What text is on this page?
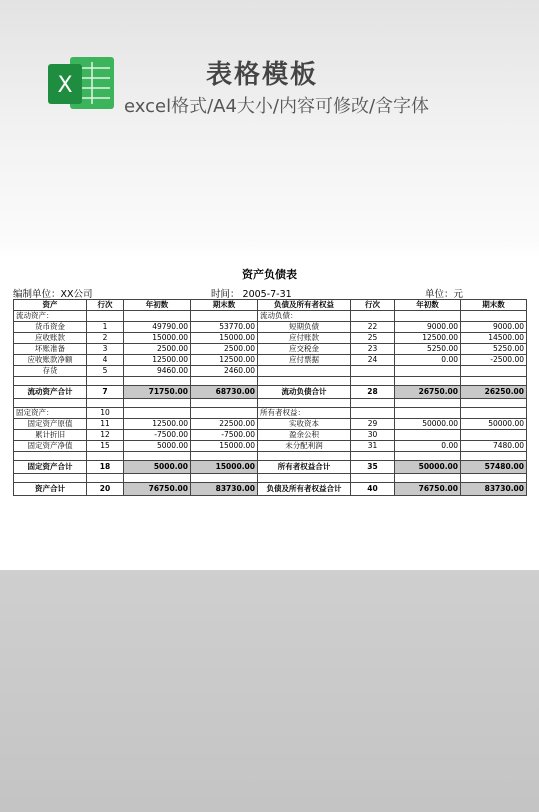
X	表格模板
excel格式/A4大小/内容可修改/含字体
资产负债表
编制单位：XX公司	时间： 2005-7-31	单位：元
资产	行次	年初数	期末数	负债及所有者权益	行次	年初数	期末数
流动资产：				流动负债：			
货币资金	1	49790.00	53770.00	短期负债	22	9000.00	9000.00
应收账款	2	15000.00	15000.00	应付账款	25	12500.00	14500.00
坏账准备	3	2500.00	2500.00	应交税金	23	5250.00	5250.00
应收账款净额	4	12500.00	12500.00	应付票据	24	0.00	-2500.00
存货	5	9460.00	2460.00				

流动资产合计	7	71750.00	68730.00	流动负债合计	28	26750.00	26250.00

固定资产：	10			所有者权益：			
固定资产原值	11	12500.00	22500.00	实收资本	29	50000.00	50000.00
累计折旧	12	-7500.00	-7500.00	盈余公积	30		
固定资产净值	15	5000.00	15000.00	未分配利润	31	0.00	7480.00

固定资产合计	18	5000.00	15000.00	所有者权益合计	35	50000.00	57480.00

资产合计	20	76750.00	83730.00	负债及所有者权益合计	40	76750.00	83730.00
